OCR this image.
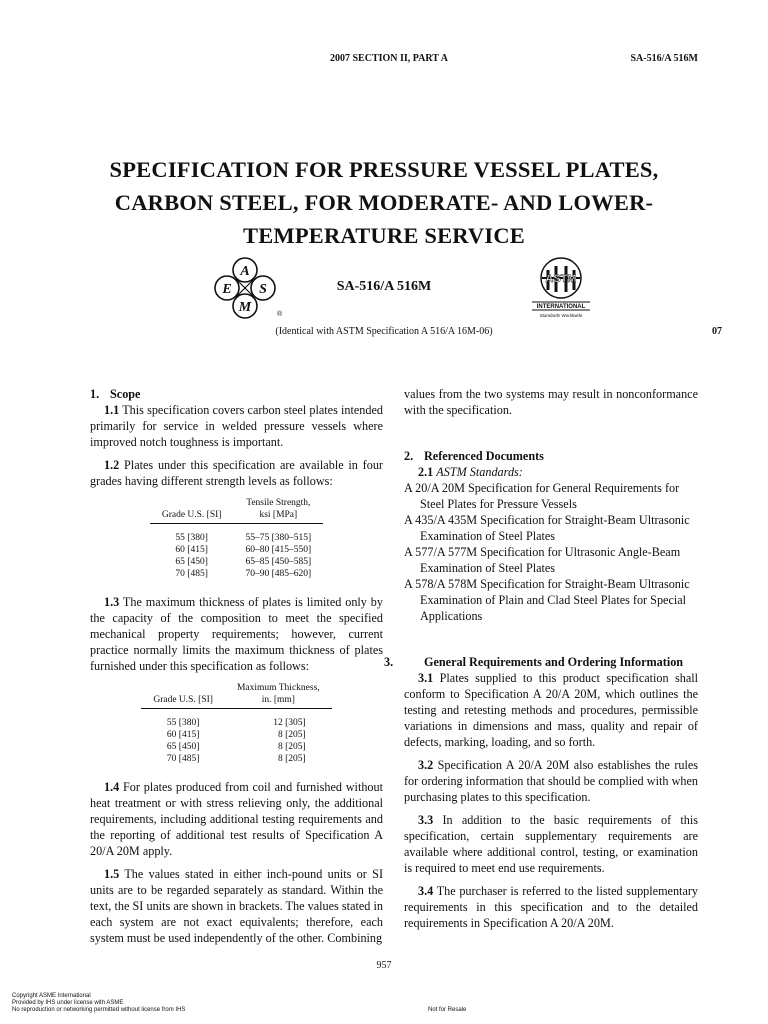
2007 SECTION II, PART A	SA-516/A 516M
SPECIFICATION FOR PRESSURE VESSEL PLATES,
CARBON STEEL, FOR MODERATE- AND LOWER-
TEMPERATURE SERVICE
A
E S
M	®
SA-516/A 516M	ASTM
INTERNATIONAL
Standards Worldwide
(Identical with ASTM Specification A 516/A 16M-06)	07

1. Scope

1.1 This specification covers carbon steel plates intended primarily for service in welded pressure vessels where improved notch toughness is important.

1.2 Plates under this specification are available in four grades having different strength levels as follows:

Grade U.S. [SI]	Tensile Strength,
ksi [MPa]
55 [380]	55–75 [380–515]
60 [415]	60–80 [415–550]
65 [450]	65–85 [450–585]
70 [485]	70–90 [485–620]

1.3 The maximum thickness of plates is limited only by the capacity of the composition to meet the specified mechanical property requirements; however, current practice normally limits the maximum thickness of plates furnished under this specification as follows:

Grade U.S. [SI]	Maximum Thickness,
in. [mm]
55 [380]	12 [305]
60 [415]	8 [205]
65 [450]	8 [205]
70 [485]	8 [205]

1.4 For plates produced from coil and furnished without heat treatment or with stress relieving only, the additional requirements, including additional testing requirements and the reporting of additional test results of Specification A 20/A 20M apply.

1.5 The values stated in either inch-pound units or SI units are to be regarded separately as standard. Within the text, the SI units are shown in brackets. The values stated in each system are not exact equivalents; therefore, each system must be used independently of the other. Combining

values from the two systems may result in nonconformance with the specification.

2. Referenced Documents

2.1 ASTM Standards:

A 20/A 20M Specification for General Requirements for Steel Plates for Pressure Vessels

A 435/A 435M Specification for Straight-Beam Ultrasonic Examination of Steel Plates

A 577/A 577M Specification for Ultrasonic Angle-Beam Examination of Steel Plates

A 578/A 578M Specification for Straight-Beam Ultrasonic Examination of Plain and Clad Steel Plates for Special Applications

3.	General Requirements and Ordering Information

3.1 Plates supplied to this product specification shall conform to Specification A 20/A 20M, which outlines the testing and retesting methods and procedures, permissible variations in dimensions and mass, quality and repair of defects, marking, loading, and so forth.

3.2 Specification A 20/A 20M also establishes the rules for ordering information that should be complied with when purchasing plates to this specification.

3.3 In addition to the basic requirements of this specification, certain supplementary requirements are available where additional control, testing, or examination is required to meet end use requirements.

3.4 The purchaser is referred to the listed supplementary requirements in this specification and to the detailed requirements in Specification A 20/A 20M.

957
Copyright ASME International
Provided by IHS under license with ASME
No reproduction or networking permitted without license from IHS	Not for Resale
